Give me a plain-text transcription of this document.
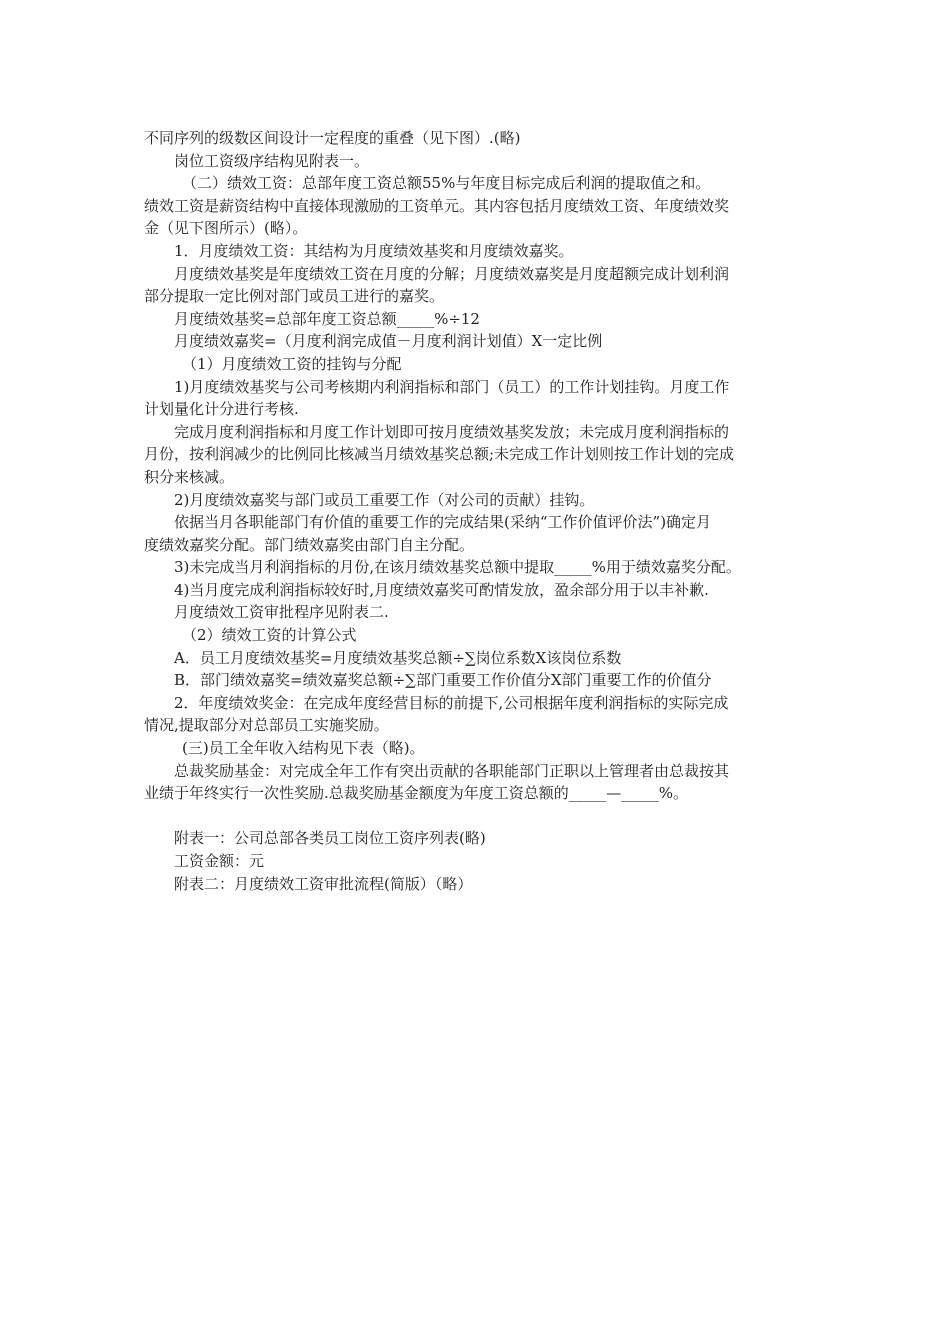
不同序列的级数区间设计一定程度的重叠（见下图）.(略)
岗位工资级序结构见附表一。
（二）绩效工资：总部年度工资总额55%与年度目标完成后利润的提取值之和。
绩效工资是薪资结构中直接体现激励的工资单元。其内容包括月度绩效工资、年度绩效奖
金（见下图所示）(略）。
1．月度绩效工资：其结构为月度绩效基奖和月度绩效嘉奖。
月度绩效基奖是年度绩效工资在月度的分解；月度绩效嘉奖是月度超额完成计划利润
部分提取一定比例对部门或员工进行的嘉奖。
月度绩效基奖=总部年度工资总额_____%÷12
月度绩效嘉奖=（月度利润完成值－月度利润计划值）X一定比例
（1）月度绩效工资的挂钩与分配
1)月度绩效基奖与公司考核期内利润指标和部门（员工）的工作计划挂钩。月度工作
计划量化计分进行考核.
完成月度利润指标和月度工作计划即可按月度绩效基奖发放；未完成月度利润指标的
月份，按利润减少的比例同比核减当月绩效基奖总额;未完成工作计划则按工作计划的完成
积分来核减。
2)月度绩效嘉奖与部门或员工重要工作（对公司的贡献）挂钩。
依据当月各职能部门有价值的重要工作的完成结果(采纳“工作价值评价法”)确定月
度绩效嘉奖分配。部门绩效嘉奖由部门自主分配。
3)未完成当月利润指标的月份,在该月绩效基奖总额中提取_____%用于绩效嘉奖分配。
4)当月度完成利润指标较好时,月度绩效嘉奖可酌情发放，盈余部分用于以丰补歉.
月度绩效工资审批程序见附表二.
（2）绩效工资的计算公式
A．员工月度绩效基奖=月度绩效基奖总额÷∑岗位系数X该岗位系数
B．部门绩效嘉奖=绩效嘉奖总额÷∑部门重要工作价值分X部门重要工作的价值分
2．年度绩效奖金：在完成年度经营目标的前提下,公司根据年度利润指标的实际完成
情况,提取部分对总部员工实施奖励。
(三)员工全年收入结构见下表（略)。
总裁奖励基金：对完成全年工作有突出贡献的各职能部门正职以上管理者由总裁按其
业绩于年终实行一次性奖励.总裁奖励基金额度为年度工资总额的_____—_____%。
附表一：公司总部各类员工岗位工资序列表(略)
工资金额：元
附表二：月度绩效工资审批流程(简版）（略）
